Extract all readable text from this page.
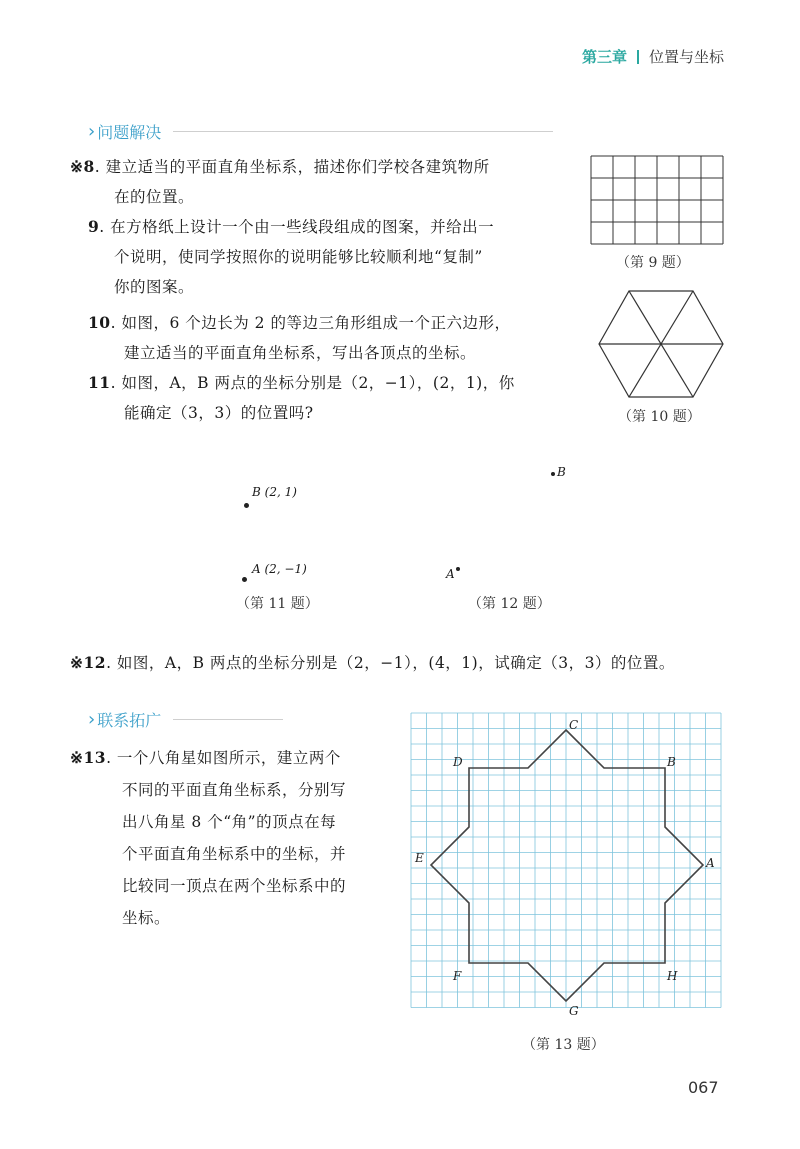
第三章 位置与坐标
› 问题解决
※8. 建立适当的平面直角坐标系，描述你们学校各建筑物所
在的位置。
9. 在方格纸上设计一个由一些线段组成的图案，并给出一
个说明，使同学按照你的说明能够比较顺利地“复制”
你的图案。
10. 如图，6 个边长为 2 的等边三角形组成一个正六边形，
建立适当的平面直角坐标系，写出各顶点的坐标。
11. 如图，A，B 两点的坐标分别是（2，−1），(2，1)，你
能确定（3，3）的位置吗?
（第 9 题）
（第 10 题）
B (2, 1)
A (2, −1)
（第 11 题）
B
A
（第 12 题）
※12. 如图，A，B 两点的坐标分别是（2，−1），(4，1)，试确定（3，3）的位置。
› 联系拓广
※13. 一个八角星如图所示，建立两个
不同的平面直角坐标系，分别写
出八角星 8 个“角”的顶点在每
个平面直角坐标系中的坐标，并
比较同一顶点在两个坐标系中的
坐标。
A
B
C
D
E
F
G
H
（第 13 题）
067
